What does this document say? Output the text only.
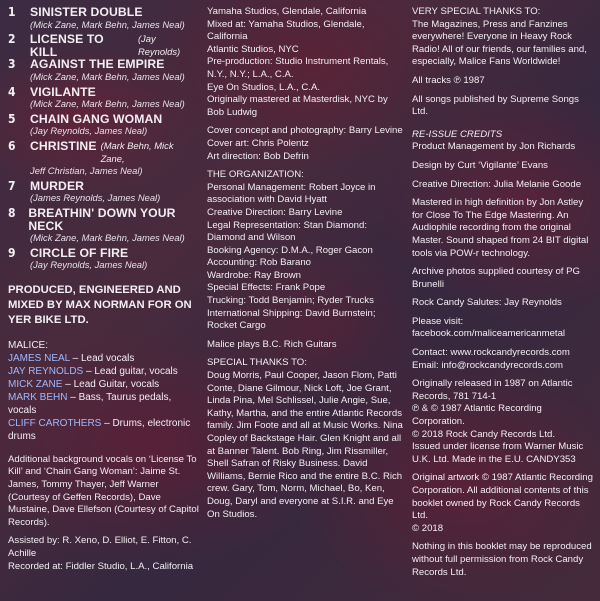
1	SINISTER DOUBLE
(Mick Zane, Mark Behn, James Neal)
2	LICENSE TO KILL
(Jay Reynolds)
3	AGAINST THE EMPIRE
(Mick Zane, Mark Behn, James Neal)
4	VIGILANTE
(Mick Zane, Mark Behn, James Neal)
5	CHAIN GANG WOMAN
(Jay Reynolds, James Neal)
6	CHRISTINE (Mark Behn, Mick Zane,
Jeff Christian, James Neal)
7	MURDER
(James Reynolds, James Neal)
8	BREATHIN' DOWN YOUR NECK
(Mick Zane, Mark Behn, James Neal)
9	CIRCLE OF FIRE
(Jay Reynolds, James Neal)
PRODUCED, ENGINEERED AND MIXED BY MAX NORMAN FOR ON YER BIKE LTD.
MALICE:
JAMES NEAL – Lead vocals
JAY REYNOLDS – Lead guitar, vocals
MICK ZANE – Lead Guitar, vocals
MARK BEHN – Bass, Taurus pedals, vocals
CLIFF CAROTHERS – Drums, electronic drums

Additional background vocals on ‘License To Kill’ and ‘Chain Gang Woman’: Jaime St. James, Tommy Thayer, Jeff Warner (Courtesy of Geffen Records), Dave Mustaine, Dave Ellefson (Courtesy of Capitol Records).

Assisted by: R. Xeno, D. Elliot, E. Fitton, C. Achille

Recorded at: Fiddler Studio, L.A., California

Yamaha Studios, Glendale, California
Mixed at: Yamaha Studios, Glendale, California
Atlantic Studios, NYC
Pre-production: Studio Instrument Rentals, N.Y., N.Y.; L.A., C.A.
Eye On Studios, L.A., C.A.
Originally mastered at Masterdisk, NYC by Bob Ludwig

Cover concept and photography: Barry Levine
Cover art: Chris Polentz
Art direction: Bob Defrin

THE ORGANIZATION:
Personal Management: Robert Joyce in association with David Hyatt
Creative Direction: Barry Levine
Legal Representation: Stan Diamond: Diamond and Wilson
Booking Agency: D.M.A., Roger Gacon
Accounting: Rob Barano
Wardrobe: Ray Brown
Special Effects: Frank Pope
Trucking: Todd Benjamin; Ryder Trucks
International Shipping: David Burnstein; Rocket Cargo

Malice plays B.C. Rich Guitars

SPECIAL THANKS TO:
Doug Morris, Paul Cooper, Jason Flom, Patti Conte, Diane Gilmour, Nick Loft, Joe Grant, Linda Pina, Mel Schlissel, Julie Angie, Sue, Kathy, Martha, and the entire Atlantic Records family. Jim Foote and all at Music Works. Nina Copley of Backstage Hair. Glen Knight and all at Banner Talent. Bob Ring, Jim Rissmiller, Shell Safran of Risky Business. David Williams, Bernie Rico and the entire B.C. Rich crew. Gary, Tom, Norm, Michael, Bo, Ken, Doug, Daryl and everyone at S.I.R. and Eye On Studios.

VERY SPECIAL THANKS TO:
The Magazines, Press and Fanzines everywhere! Everyone in Heavy Rock Radio! All of our friends, our families and, especially, Malice Fans Worldwide!

All tracks ℗ 1987

All songs published by Supreme Songs Ltd.

RE-ISSUE CREDITS

Product Management by Jon Richards

Design by Curt ‘Vigilante’ Evans

Creative Direction: Julia Melanie Goode

Mastered in high definition by Jon Astley for Close To The Edge Mastering. An Audiophile recording from the original Master. Sound shaped from 24 BIT digital tools via POW-r technology.

Archive photos supplied courtesy of PG Brunelli

Rock Candy Salutes: Jay Reynolds

Please visit:
facebook.com/maliceamericanmetal

Contact: www.rockcandyrecords.com
Email: info@rockcandyrecords.com

Originally released in 1987 on Atlantic Records, 781 714-1
℗ & © 1987 Atlantic Recording Corporation.
© 2018 Rock Candy Records Ltd.
Issued under license from Warner Music U.K. Ltd. Made in the E.U. CANDY353

Original artwork © 1987 Atlantic Recording Corporation. All additional contents of this booklet owned by Rock Candy Records Ltd.
© 2018

Nothing in this booklet may be reproduced without full permission from Rock Candy Records Ltd.
